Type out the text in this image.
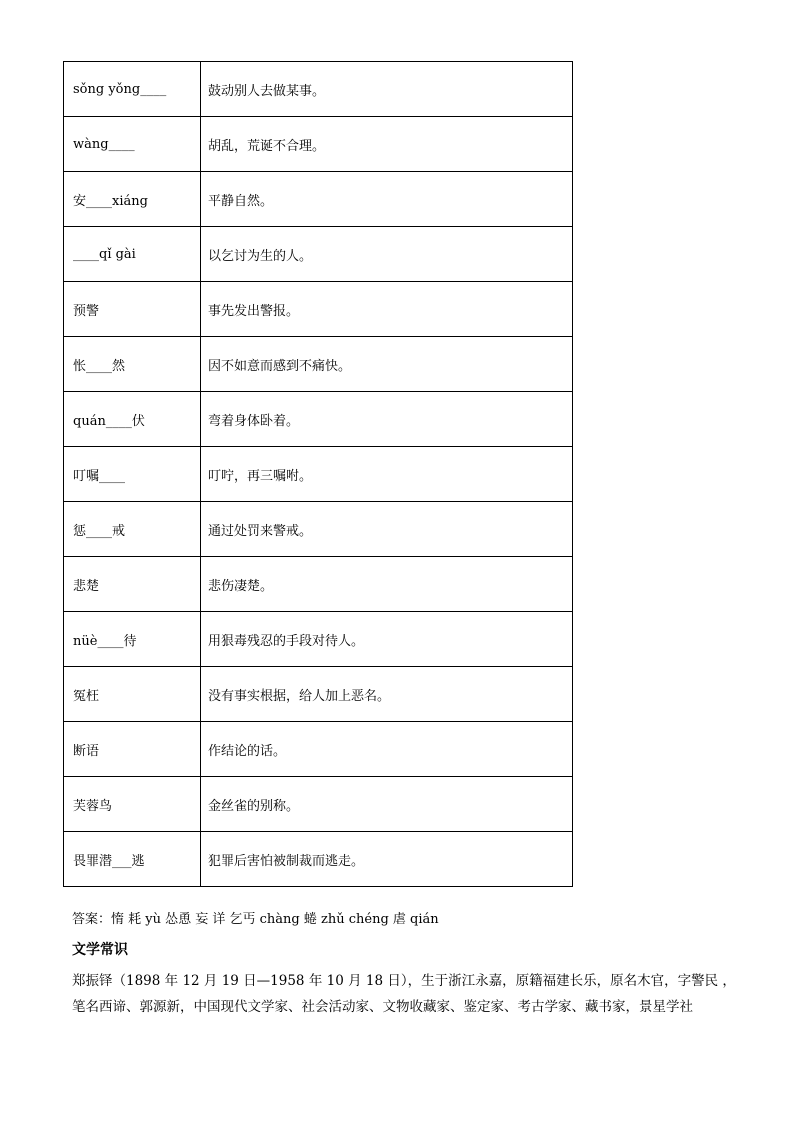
sǒng yǒng____	鼓动别人去做某事。
wàng____	胡乱，荒诞不合理。
安____xiáng	平静自然。
____qǐ gài	以乞讨为生的人。
预警	事先发出警报。
怅____然	因不如意而感到不痛快。
quán____伏	弯着身体卧着。
叮嘱____	叮咛，再三嘱咐。
惩____戒	通过处罚来警戒。
悲楚	悲伤凄楚。
nüè____待	用狠毒残忍的手段对待人。
冤枉	没有事实根据，给人加上恶名。
断语	作结论的话。
芙蓉鸟	金丝雀的别称。
畏罪潜___逃	犯罪后害怕被制裁而逃走。
答案：惰 耗 yù 怂恿 妄 详 乞丐 chàng 蜷 zhǔ chéng 虐 qián
文学常识
郑振铎（1898 年 12 月 19 日—1958 年 10 月 18 日），生于浙江永嘉，原籍福建长乐，原名木官，字警民 ，
笔名西谛、郭源新，中国现代文学家、社会活动家、文物收藏家、鉴定家、考古学家、藏书家，景星学社
